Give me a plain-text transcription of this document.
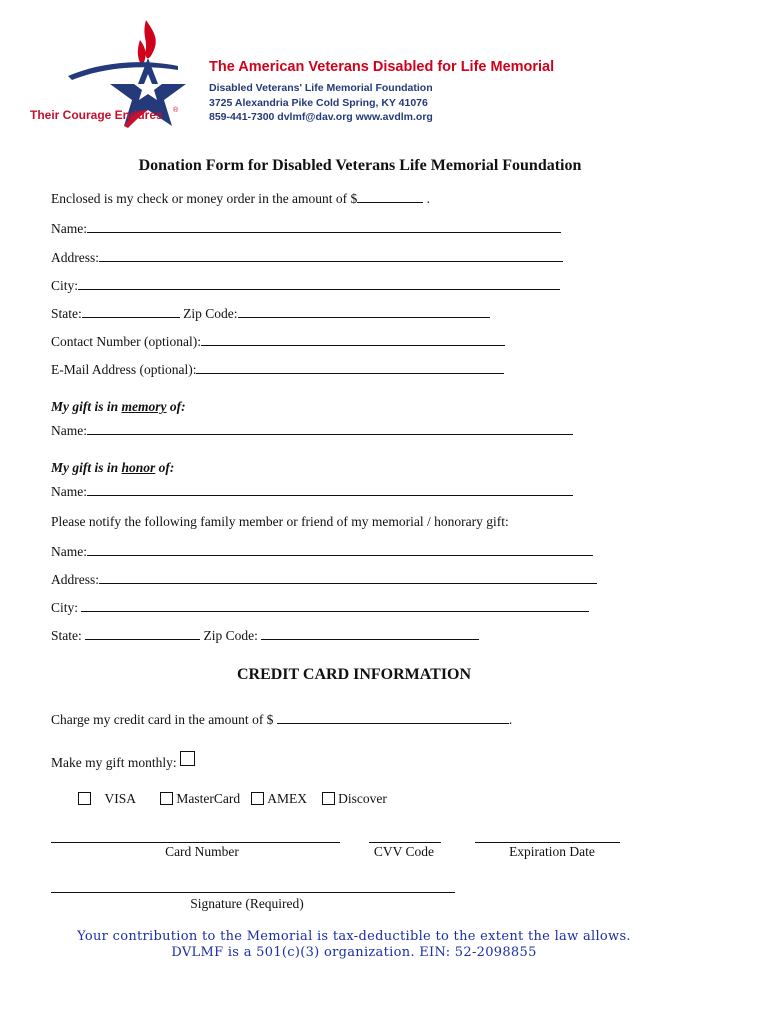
Their Courage Endures ®
The American Veterans Disabled for Life Memorial
Disabled Veterans' Life Memorial Foundation
3725 Alexandria Pike Cold Spring, KY 41076
859-441-7300 dvlmf@dav.org www.avdlm.org
Donation Form for Disabled Veterans Life Memorial Foundation
Enclosed is my check or money order in the amount of $	.
Name:
Address:
City:
State:	Zip Code:
Contact Number (optional):
E-Mail Address (optional):
My gift is in memory of:
Name:
My gift is in honor of:
Name:
Please notify the following family member or friend of my memorial / honorary gift:
Name:
Address:
City:
State:	Zip Code:
CREDIT CARD INFORMATION
Charge my credit card in the amount of $	.
Make my gift monthly:
VISA	MasterCard AMEX Discover
Card Number	CVV Code	Expiration Date
Signature (Required)
Your contribution to the Memorial is tax-deductible to the extent the law allows.
DVLMF is a 501(c)(3) organization. EIN: 52-2098855
